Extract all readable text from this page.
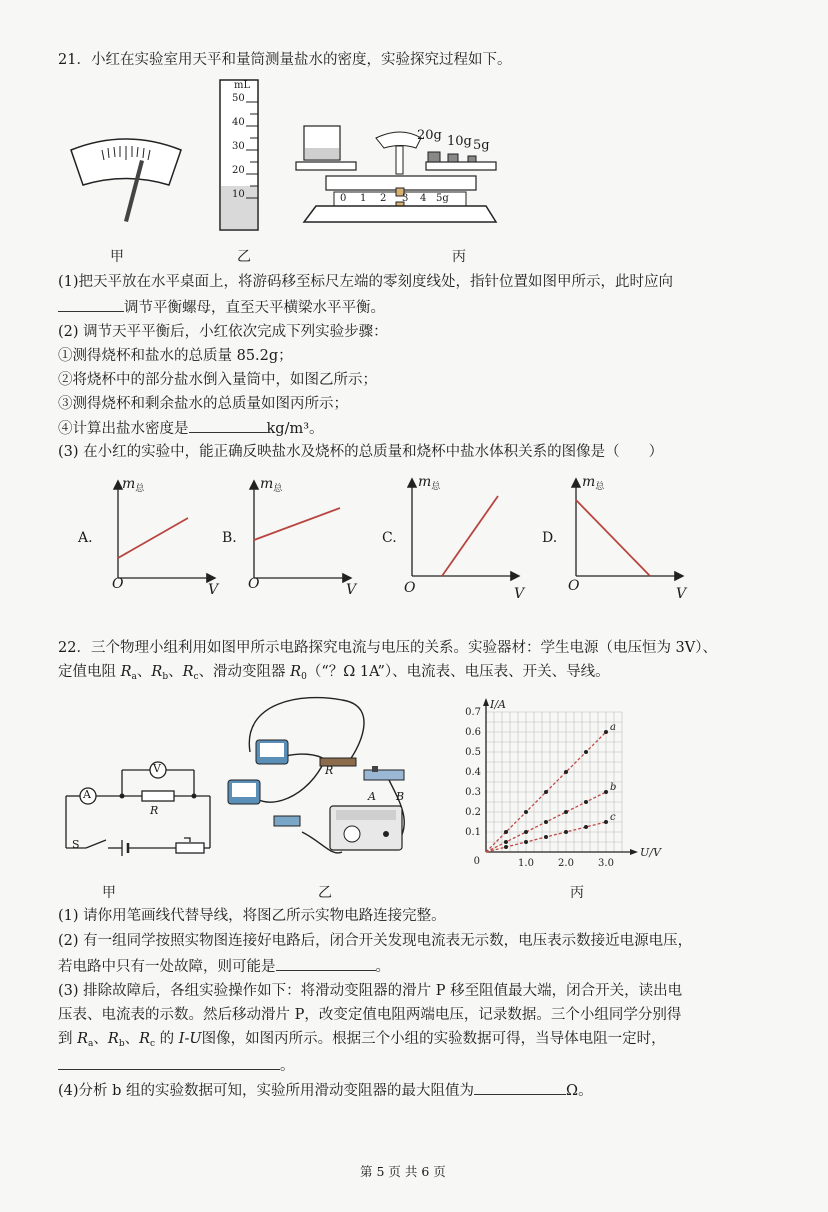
21．小红在实验室用天平和量筒测量盐水的密度，实验探究过程如下。
mL
50
40
30
20
10
20g 10g 5g
0 1 2 3 4 5g
甲	乙	丙
(1)把天平放在水平桌面上，将游码移至标尺左端的零刻度线处，指针位置如图甲所示，此时应向
调节平衡螺母，直至天平横梁水平平衡。
(2) 调节天平平衡后，小红依次完成下列实验步骤：
①测得烧杯和盐水的总质量 85.2g；
②将烧杯中的部分盐水倒入量筒中，如图乙所示；
③测得烧杯和剩余盐水的总质量如图丙所示；
④计算出盐水密度是	kg/m³。
(3) 在小红的实验中，能正确反映盐水及烧杯的总质量和烧杯中盐水体积关系的图像是（　　）
A.
$m_总$
O	V
B.
$m_总$
O	V
C.
$m_总$
O	V
D.
$m_总$
O	V
22．三个物理小组利用如图甲所示电路探究电流与电压的关系。实验器材：学生电源（电压恒为 3V）、
定值电阻 $R_a$、$R_b$、$R_c$、滑动变阻器 $R_0(“$？Ω 1A”）、电流表、电压表、开关、导线。
A
V
R
S
R
A B
0.1
0.2
0.3
0.4
0.5
0.6
0.7
1.0 2.0 3.0
0
I/A
U/V
a
b
c
甲	乙	丙
(1) 请你用笔画线代替导线，将图乙所示实物电路连接完整。
(2) 有一组同学按照实物图连接好电路后，闭合开关发现电流表无示数，电压表示数接近电源电压，
若电路中只有一处故障，则可能是	。
(3) 排除故障后，各组实验操作如下：将滑动变阻器的滑片 P 移至阻值最大端，闭合开关，读出电
压表、电流表的示数。然后移动滑片 P，改变定值电阻两端电压，记录数据。三个小组同学分别得
到 $R_a$、$R_b$、$R_c$ 的 I-U图像，如图丙所示。根据三个小组的实验数据可得，当导体电阻一定时，
。
(4)分析 b 组的实验数据可知，实验所用滑动变阻器的最大阻值为	Ω。
第 5 页 共 6 页
